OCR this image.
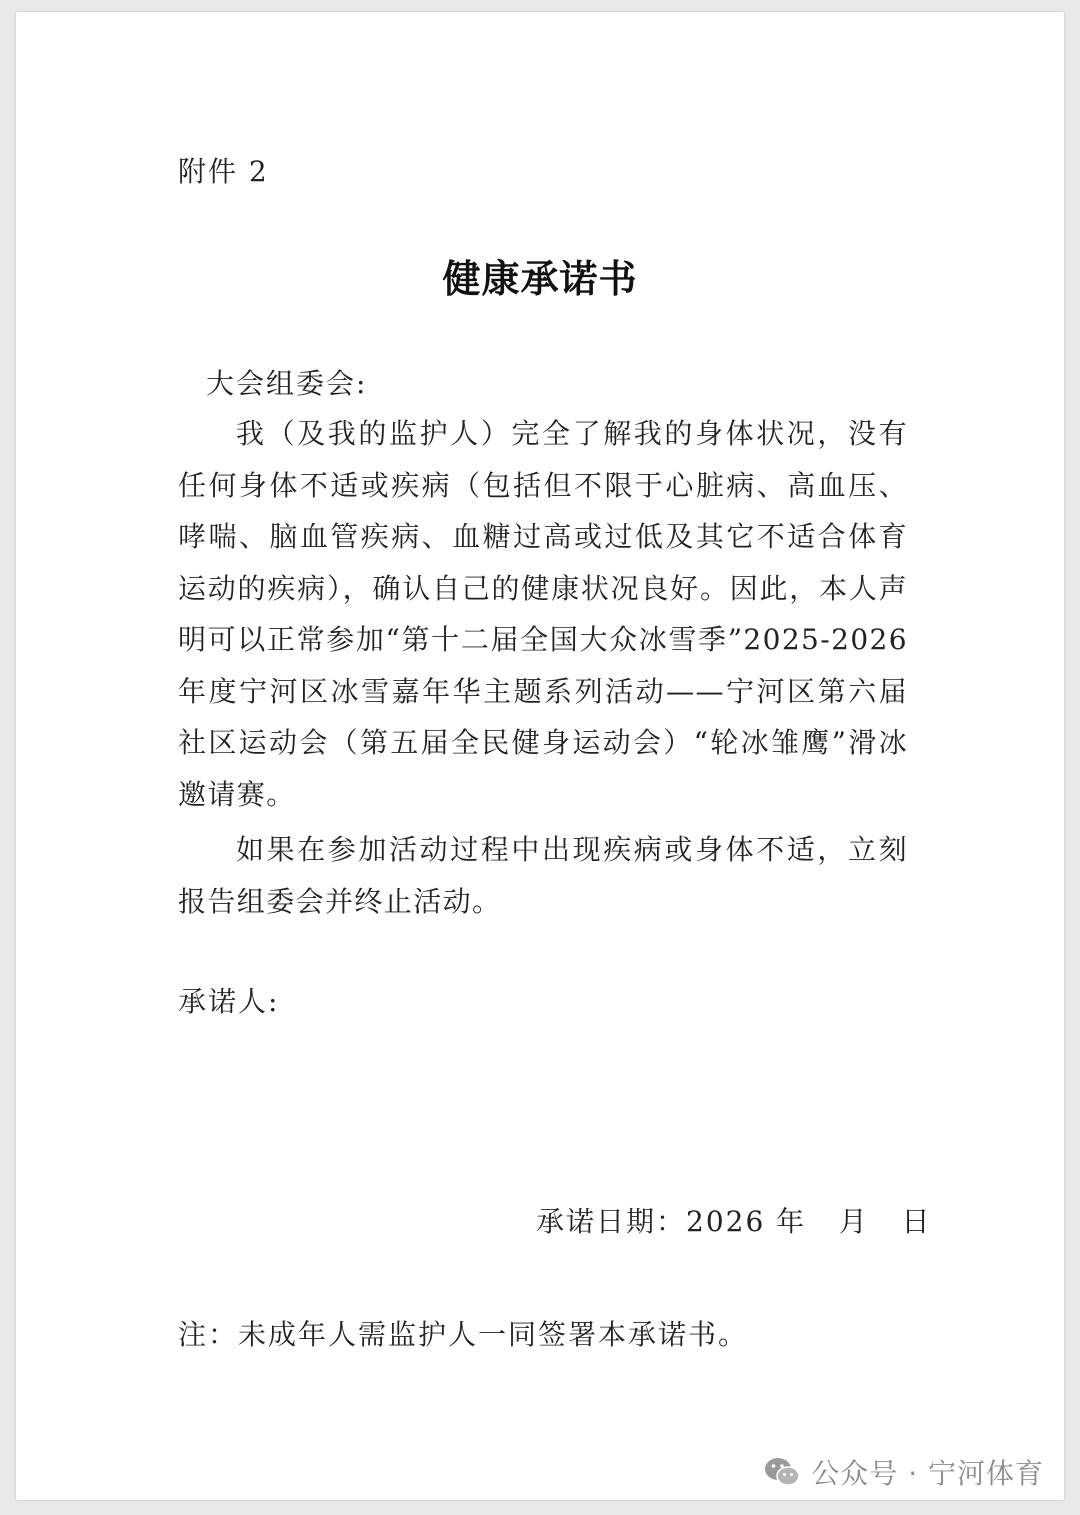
附件 2
健康承诺书
大会组委会:

我（及我的监护人）完全了解我的身体状况，没有任何身体不适或疾病（包括但不限于心脏病、高血压、哮喘、脑血管疾病、血糖过高或过低及其它不适合体育运动的疾病），确认自己的健康状况良好。因此，本人声明可以正常参加“第十二届全国大众冰雪季”2025-2026年度宁河区冰雪嘉年华主题系列活动——宁河区第六届社区运动会（第五届全民健身运动会）“轮冰雏鹰”滑冰邀请赛。

如果在参加活动过程中出现疾病或身体不适，立刻报告组委会并终止活动。

承诺人:
承诺日期：2026 年   月   日
注：未成年人需监护人一同签署本承诺书。
公众号 · 宁河体育
